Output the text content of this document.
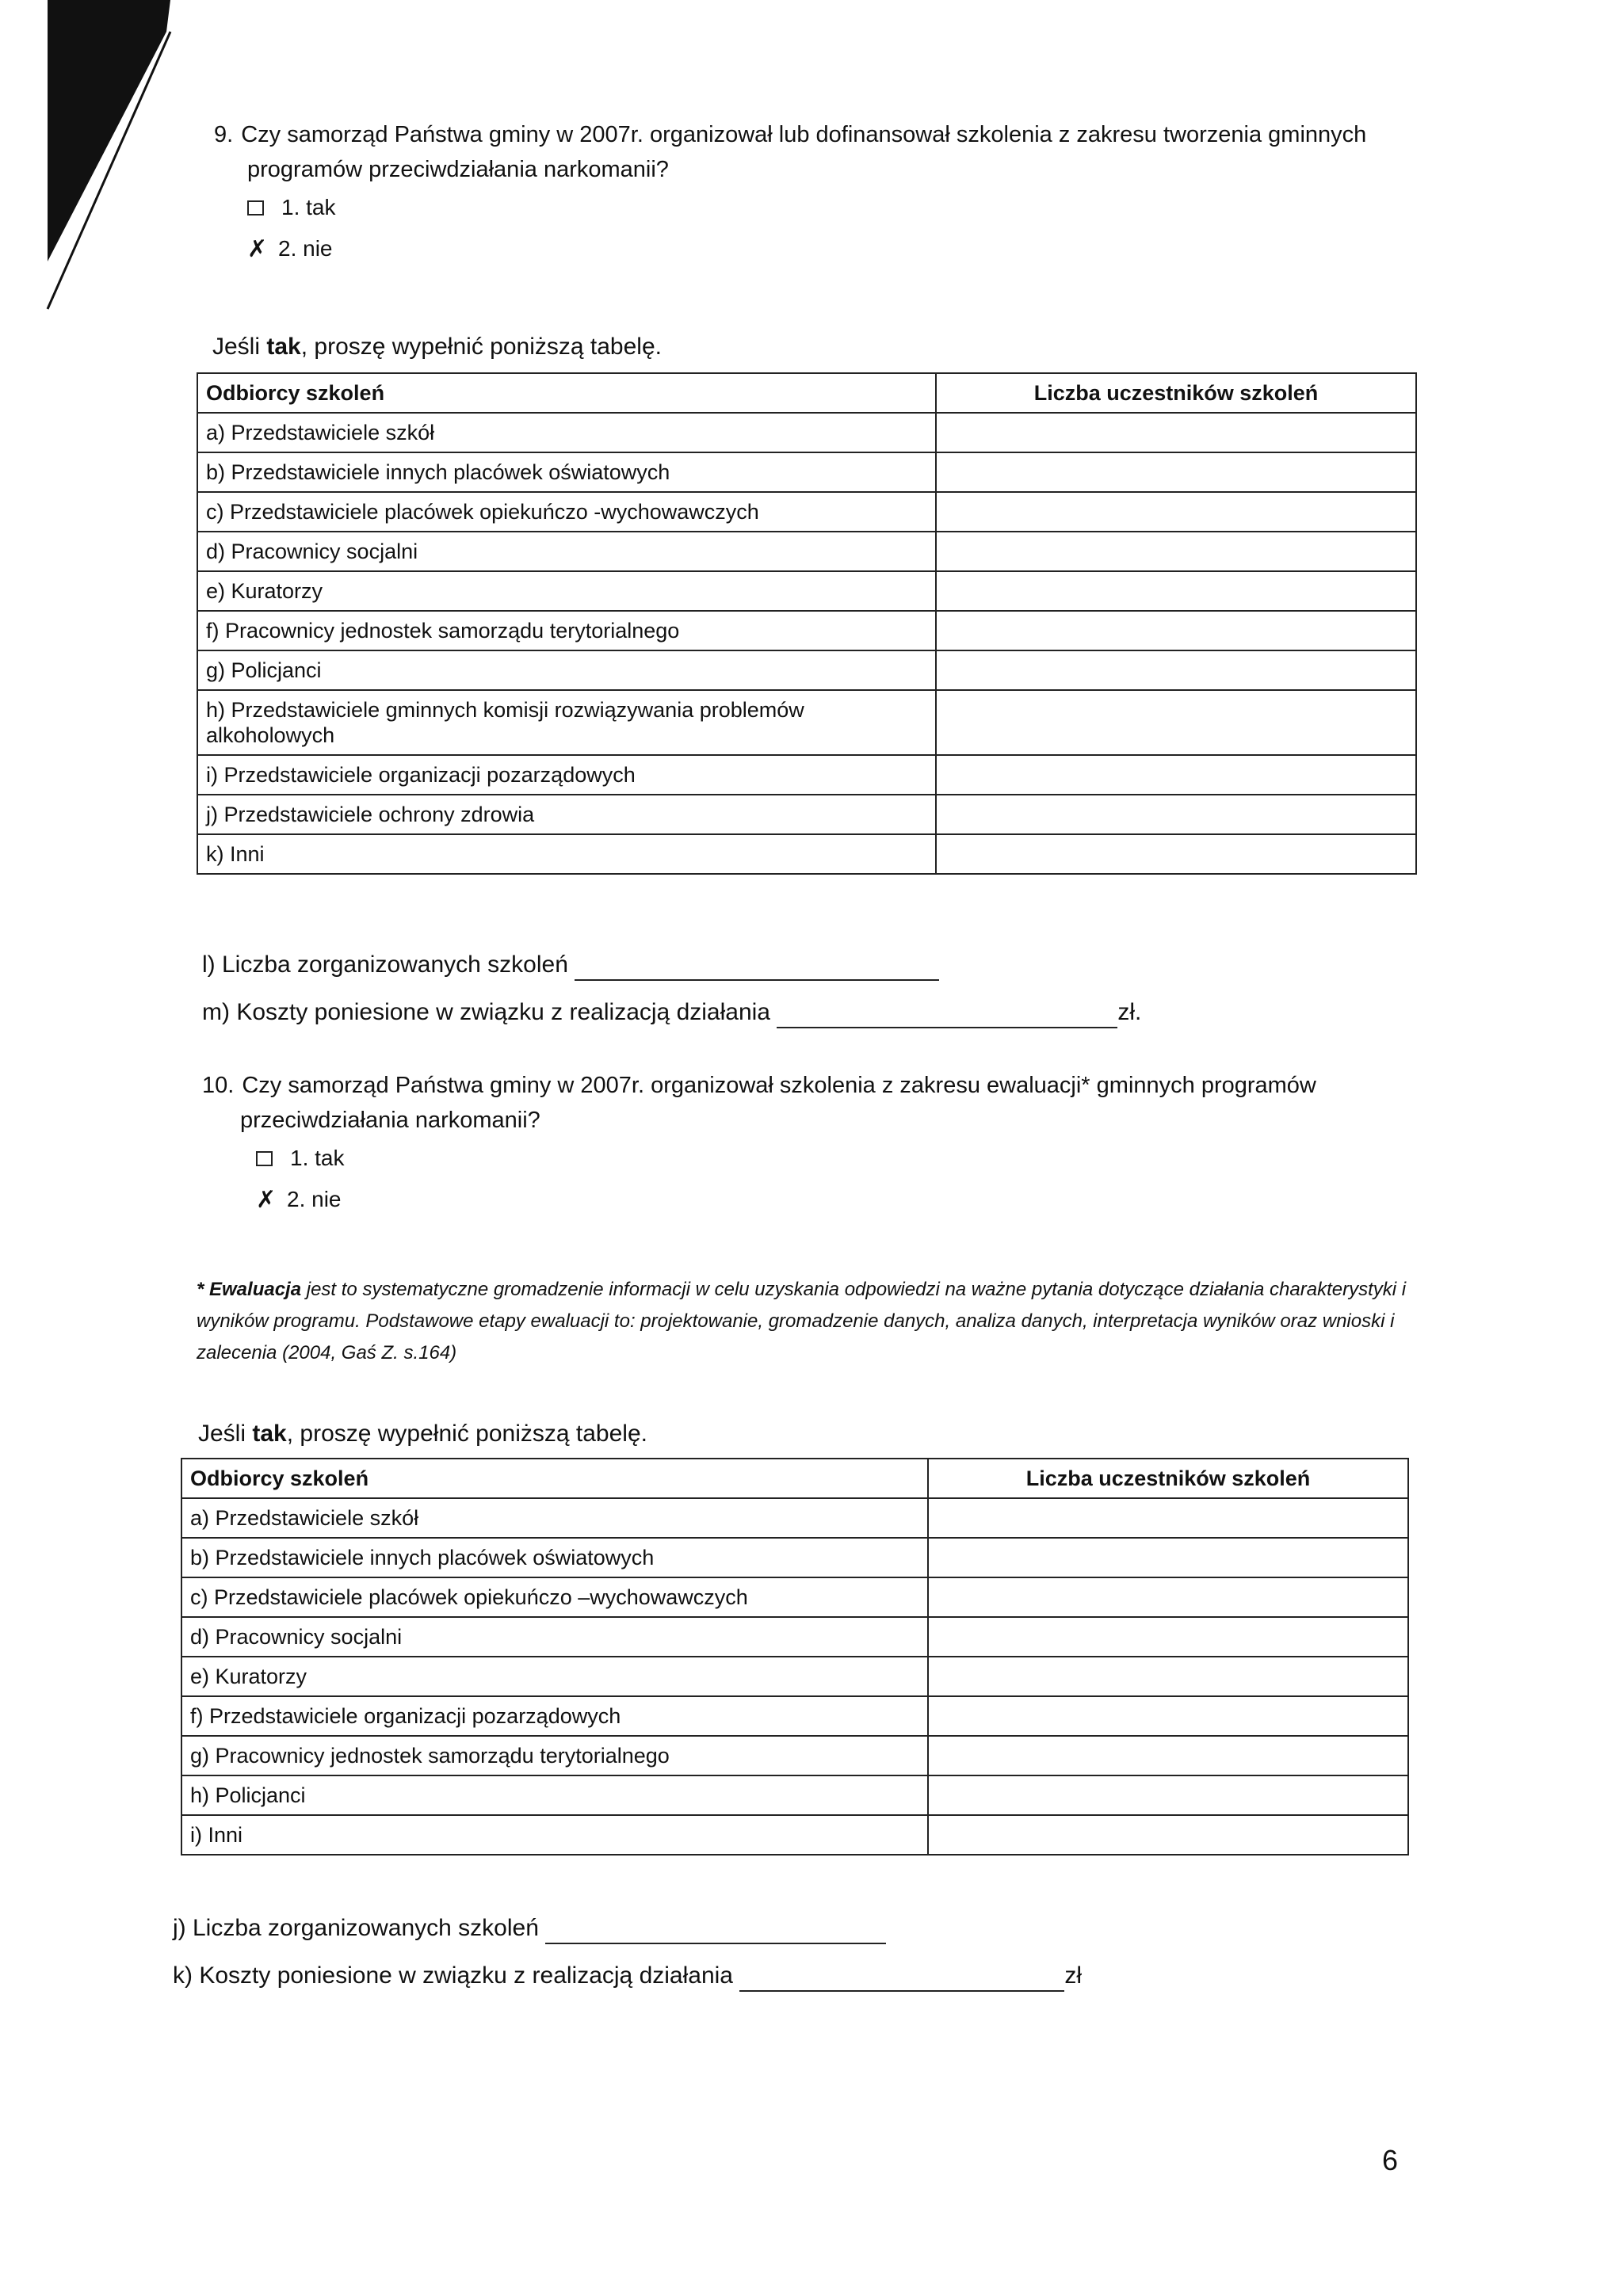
9. Czy samorząd Państwa gminy w 2007r. organizował lub dofinansował szkolenia z zakresu tworzenia gminnych

programów przeciwdziałania narkomanii?
1. tak
✗ 2. nie
Jeśli tak, proszę wypełnić poniższą tabelę.
Odbiorcy szkoleń	Liczba uczestników szkoleń
a) Przedstawiciele szkół	
b) Przedstawiciele innych placówek oświatowych	
c) Przedstawiciele placówek opiekuńczo -wychowawczych	
d) Pracownicy socjalni	
e) Kuratorzy	
f) Pracownicy jednostek samorządu terytorialnego	
g) Policjanci	
h) Przedstawiciele gminnych komisji rozwiązywania problemów alkoholowych	
i) Przedstawiciele organizacji pozarządowych	
j) Przedstawiciele ochrony zdrowia	
k) Inni	
l) Liczba zorganizowanych szkoleń
m) Koszty poniesione w związku z realizacją działania	zł.

10. Czy samorząd Państwa gminy w 2007r. organizował szkolenia z zakresu ewaluacji* gminnych programów

przeciwdziałania narkomanii?
1. tak
✗ 2. nie
* Ewaluacja jest to systematyczne gromadzenie informacji w celu uzyskania odpowiedzi na ważne pytania dotyczące działania charakterystyki i wyników programu. Podstawowe etapy ewaluacji to: projektowanie, gromadzenie danych, analiza danych, interpretacja wyników oraz wnioski i zalecenia (2004, Gaś Z. s.164)
Jeśli tak, proszę wypełnić poniższą tabelę.
Odbiorcy szkoleń	Liczba uczestników szkoleń
a) Przedstawiciele szkół	
b) Przedstawiciele innych placówek oświatowych	
c) Przedstawiciele placówek opiekuńczo –wychowawczych	
d) Pracownicy socjalni	
e) Kuratorzy	
f) Przedstawiciele organizacji pozarządowych	
g) Pracownicy jednostek samorządu terytorialnego	
h) Policjanci	
i) Inni	
j) Liczba zorganizowanych szkoleń
k) Koszty poniesione w związku z realizacją działania	zł
6
